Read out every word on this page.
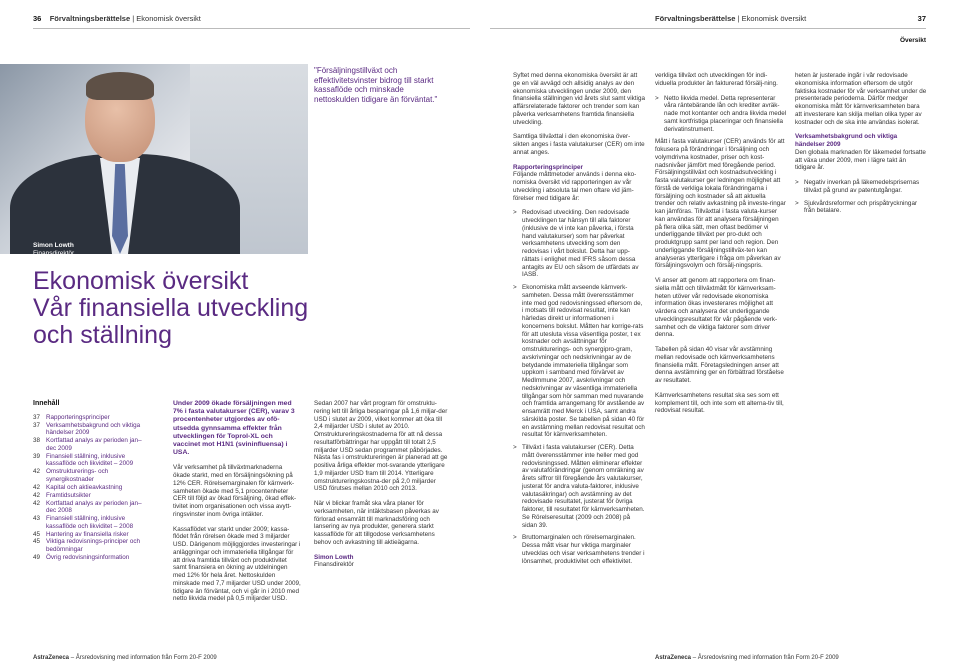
36 Förvaltningsberättelse | Ekonomisk översikt	Förvaltningsberättelse | Ekonomisk översikt	37
Översikt
Simon Lowth
Finansdirektör
"Försäljningstillväxt och effektivitetsvinster bidrog till starkt kassaflöde och minskade nettoskulden tidigare än förväntat."
Ekonomisk översikt
Vår finansiella utveckling
och ställning
Innehåll
37 Rapporteringsprinciper
37 Verksamhetsbakgrund och viktiga händelser 2009
38 Kortfattad analys av perioden jan–dec 2009
39 Finansiell ställning, inklusive kassaflöde och likviditet – 2009
42 Omstrukturerings- och synergikostnader
42 Kapital och aktieavkastning
42 Framtidsutsikter
42 Kortfattad analys av perioden jan–dec 2008
43 Finansiell ställning, inklusive kassaflöde och likviditet – 2008
45 Hantering av finansiella risker
45 Viktiga redovisnings-principer och bedömningar
49 Övrig redovisningsinformation

Under 2009 ökade försäljningen med 7% i fasta valutakurser (CER), varav 3 procentenheter utgjordes av ofö-utsedda gynnsamma effekter från utvecklingen för Toprol-XL och vaccinet mot H1N1 (svininfluensa) i USA.

Vår verksamhet på tillväxtmarknaderna ökade starkt, med en försäljningsökning på 12% CER. Rörelsemarginalen för kärnverk-samheten ökade med 5,1 procentenheter CER till följd av ökad försäljning, ökad effek-tivitet inom organisationen och vissa avytt-ringsvinster inom övriga intäkter.

Kassaflödet var starkt under 2009; kassa-flödet från rörelsen ökade med 3 miljarder USD. Därigenom möjliggjordes investeringar i anläggningar och immateriella tillgångar för att driva framtida tillväxt och produktivitet samt finansiera en ökning av utdelningen med 12% för hela året. Nettoskulden minskade med 7,7 miljarder USD under 2009, tidigare än förväntat, och vi går in i 2010 med netto likvida medel på 0,5 miljarder USD.

Sedan 2007 har vårt program för omstruktu-rering lett till årliga besparingar på 1,6 miljar-der USD i slutet av 2009, vilket kommer att öka till 2,4 miljarder USD i slutet av 2010. Omstruktureringskostnaderna för att nå dessa resultatförbättringar har uppgått till totalt 2,5 miljarder USD sedan programmet påbörjades. Nästa fas i omstruktureringen är planerad att ge positiva årliga effekter mot-svarande ytterligare 1,9 miljarder USD fram till 2014. Ytterligare omstruktureringskostna-der på 2,0 miljarder USD förutses mellan 2010 och 2013.

När vi blickar framåt ska våra planer för verksamheten, när intäktsbasen påverkas av förlorad ensamrätt till marknadsföring och lansering av nya produkter, generera starkt kassaflöde för att tillgodose verksamhetens behov och avkastning till aktieägarna.

Simon Lowth
Finansdirektör

Syftet med denna ekonomiska översikt är att ge en väl avvägd och allsidig analys av den ekonomiska utvecklingen under 2009, den finansiella ställningen vid årets slut samt viktiga affärsrelaterade faktorer och trender som kan påverka verksamhetens framtida finansiella utveckling.

Samtliga tillväxttal i den ekonomiska över-sikten anges i fasta valutakurser (CER) om inte annat anges.

Rapporteringsprinciper

Följande måttmetoder används i denna eko-nomiska översikt vid rapporteringen av vår utveckling i absoluta tal men oftare vid jäm-förelser med tidigare år:

> Redovisad utveckling. Den redovisade utvecklingen tar hänsyn till alla faktorer (inklusive de vi inte kan påverka, i första hand valutakurser) som har påverkat verksamhetens utveckling som den redovisas i vårt bokslut. Detta har upp-rättats i enlighet med IFRS såsom dessa antagits av EU och såsom de utfärdats av IASB.
> Ekonomiska mått avseende kärnverk-samheten. Dessa mått överensstämmer inte med god redovisningssed eftersom de, i motsats till redovisat resultat, inte kan härledas direkt ur informationen i koncernens bokslut. Måtten har korrige-rats för att utesluta vissa väsentliga poster, t ex kostnader och avsättningar för omstrukturerings- och synergipro-gram, avskrivningar och nedskrivningar av de betydande immateriella tillgångar som uppkom i samband med förvärvet av MedImmune 2007, avskrivningar och nedskrivningar av väsentliga immateriella tillgångar som hör samman med nuvarande och framtida arrangemang för avstående av ensamrätt med Merck i USA, samt andra särskilda poster. Se tabellen på sidan 40 för en avstämning mellan redovisat resultat och resultat för kärnverksamheten.
> Tillväxt i fasta valutakurser (CER). Detta mått överensstämmer inte heller med god redovisningssed. Måtten eliminerar effekter av valutaförändringar (genom omräkning av årets siffror till föregående års valutakurser, justerat för andra valuta-faktorer, inklusive valutasäkringar) och avstämning av det redovisade resultatet, justerat för övriga faktorer, till resultatet för kärnverksamheten. Se Rörelseresultat (2009 och 2008) på sidan 39.
> Bruttomarginalen och rörelsemarginalen. Dessa mått visar hur viktiga marginaler utvecklas och visar verksamhetens trender i lönsamhet, produktivitet och effektivitet.

verkliga tillväxt och utvecklingen för indi-viduella produkter än fakturerad försälj-ning.

> Netto likvida medel. Detta representerar våra räntebärande lån och krediter avräk-nade mot kontanter och andra likvida medel samt kortfristiga placeringar och finansiella derivatinstrument.

Mått i fasta valutakurser (CER) används för att fokusera på förändringar i försäljning och volymdrivna kostnader, priser och kost-nadsnivåer jämfört med föregående period. Försäljningstillväxt och kostnadsutveckling i fasta valutakurser ger ledningen möjlighet att förstå de verkliga lokala förändringarna i försäljning och kostnader så att aktuella trender och relativ avkastning på investe-ringar kan jämföras. Tillväxttal i fasta valuta-kurser kan användas för att analysera försäljningen på flera olika sätt, men oftast bedömer vi underliggande tillväxt per pro-dukt och produktgrupp samt per land och region. Den underliggande försäljningstillväx-ten kan analyseras ytterligare i fråga om påverkan av försäljningsvolym och försälj-ningspris.

Vi anser att genom att rapportera om finan-siella mått och tillväxtmått för kärnverksam-heten utöver vår redovisade ekonomiska information ökas investerares möjlighet att värdera och analysera det underliggande utvecklingsresultatet för vår pågående verk-samhet och de viktiga faktorer som driver denna.

Tabellen på sidan 40 visar vår avstämning mellan redovisade och kärnverksamhetens finansiella mått. Företagsledningen anser att denna avstämning ger en förbättrad förståelse av resultatet.

Kärnverksamhetens resultat ska ses som ett komplement till, och inte som ett alterna-tiv till, redovisat resultat.

heten är justerade ingår i vår redovisade ekonomiska information eftersom de utgör faktiska kostnader för vår verksamhet under de presenterade perioderna. Därför medger ekonomiska mått för kärnverksamheten bara att investerare kan skilja mellan olika typer av kostnader och de ska inte användas isolerat.

Verksamhetsbakgrund och viktiga händelser 2009

Den globala marknaden för läkemedel fortsatte att växa under 2009, men i lägre takt än tidigare år.

> Negativ inverkan på läkemedelsprisernas tillväxt på grund av patentutgångar.
> Sjukvårdsreformer och prispåtryckningar från betalare.
AstraZeneca – Årsredovisning med information från Form 20-F 2009	AstraZeneca – Årsredovisning med information från Form 20-F 2009
